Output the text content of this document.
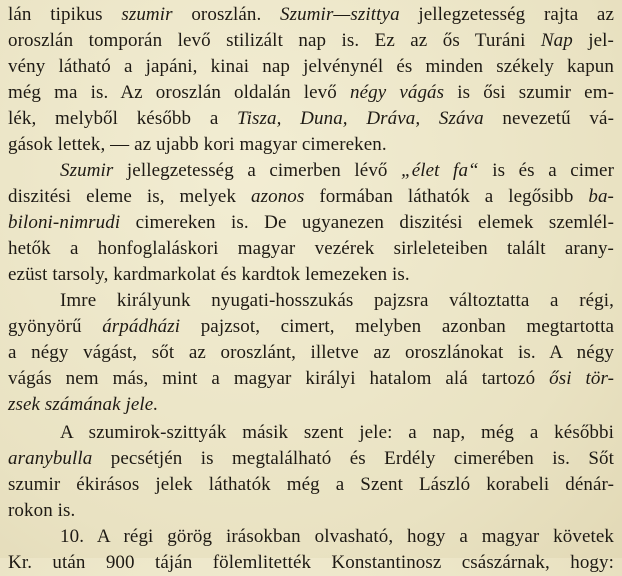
lán tipikus szumir oroszlán. Szumir—szittya jellegzetesség rajta az
oroszlán tomporán levő stilizált nap is. Ez az ős Turáni Nap jel-
vény látható a japáni, kinai nap jelvénynél és minden székely kapun
még ma is. Az oroszlán oldalán levő négy vágás is ősi szumir em-
lék, melyből később a Tisza, Duna, Dráva, Száva nevezetű vá-
gások lettek, — az ujabb kori magyar cimereken.
Szumir jellegzetesség a cimerben lévő „élet fa“ is és a cimer
diszitési eleme is, melyek azonos formában láthatók a legősibb ba-
biloni-nimrudi cimereken is. De ugyanezen diszitési elemek szemlél-
hetők a honfoglaláskori magyar vezérek sirleleteiben talált arany-
ezüst tarsoly, kardmarkolat és kardtok lemezeken is.
Imre királyunk nyugati-hosszukás pajzsra változtatta a régi,
gyönyörű árpádházi pajzsot, cimert, melyben azonban megtartotta
a négy vágást, sőt az oroszlánt, illetve az oroszlánokat is. A négy
vágás nem más, mint a magyar királyi hatalom alá tartozó ősi tör-
zsek számának jele.
A szumirok-szittyák másik szent jele: a nap, még a későbbi
aranybulla pecsétjén is megtalálható és Erdély cimerében is. Sőt
szumir ékirásos jelek láthatók még a Szent László korabeli dénár-
rokon is.
10. A régi görög irásokban olvasható, hogy a magyar követek
Kr. után 900 táján fölemlitették Konstantinosz császárnak, hogy:
